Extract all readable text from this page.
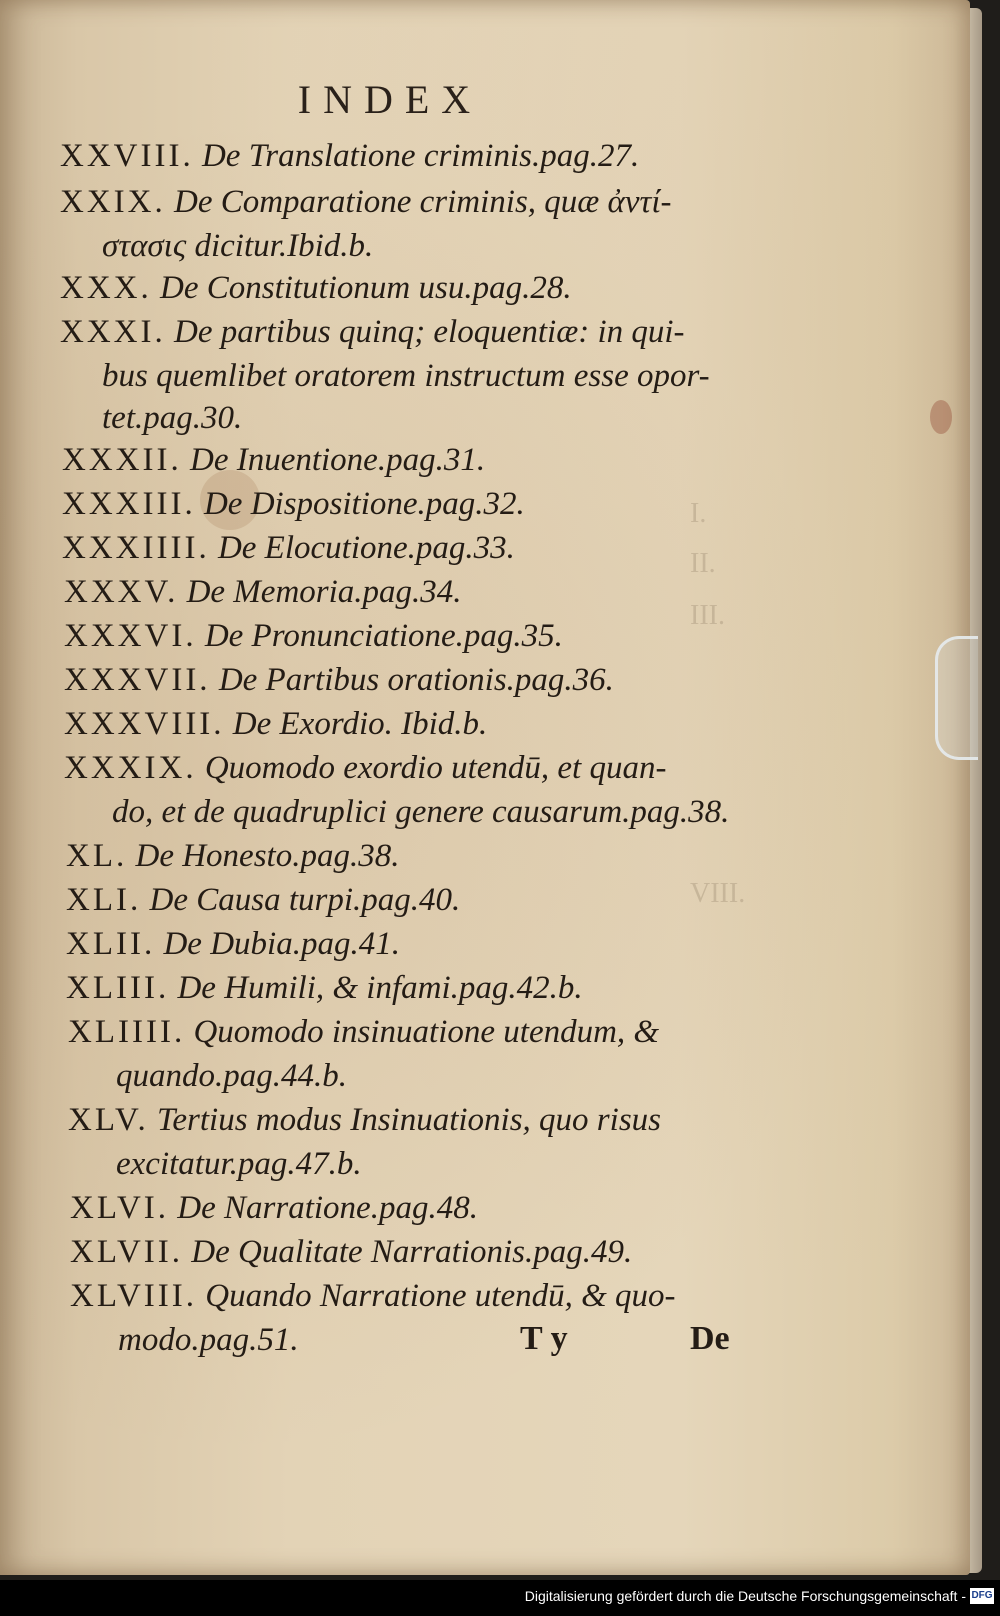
I.
II.
III.
VIII.
INDEX
XXVIII. De Translatione criminis.pag.27.
XXIX. De Comparatione criminis, quæ ἀντί-
στασις dicitur.Ibid.b.
XXX. De Constitutionum usu.pag.28.
XXXI. De partibus quinq; eloquentiæ: in qui-
bus quemlibet oratorem instructum esse opor-
tet.pag.30.
XXXII. De Inuentione.pag.31.
XXXIII. De Dispositione.pag.32.
XXXIIII. De Elocutione.pag.33.
XXXV. De Memoria.pag.34.
XXXVI. De Pronunciatione.pag.35.
XXXVII. De Partibus orationis.pag.36.
XXXVIII. De Exordio. Ibid.b.
XXXIX. Quomodo exordio utendū, et quan-
do, et de quadruplici genere causarum.pag.38.
XL. De Honesto.pag.38.
XLI. De Causa turpi.pag.40.
XLII. De Dubia.pag.41.
XLIII. De Humili, & infami.pag.42.b.
XLIIII. Quomodo insinuatione utendum, &
quando.pag.44.b.
XLV. Tertius modus Insinuationis, quo risus
excitatur.pag.47.b.
XLVI. De Narratione.pag.48.
XLVII. De Qualitate Narrationis.pag.49.
XLVIII. Quando Narratione utendū, & quo-
modo.pag.51.	T y	De
Digitalisierung gefördert durch die Deutsche Forschungsgemeinschaft - DFG
